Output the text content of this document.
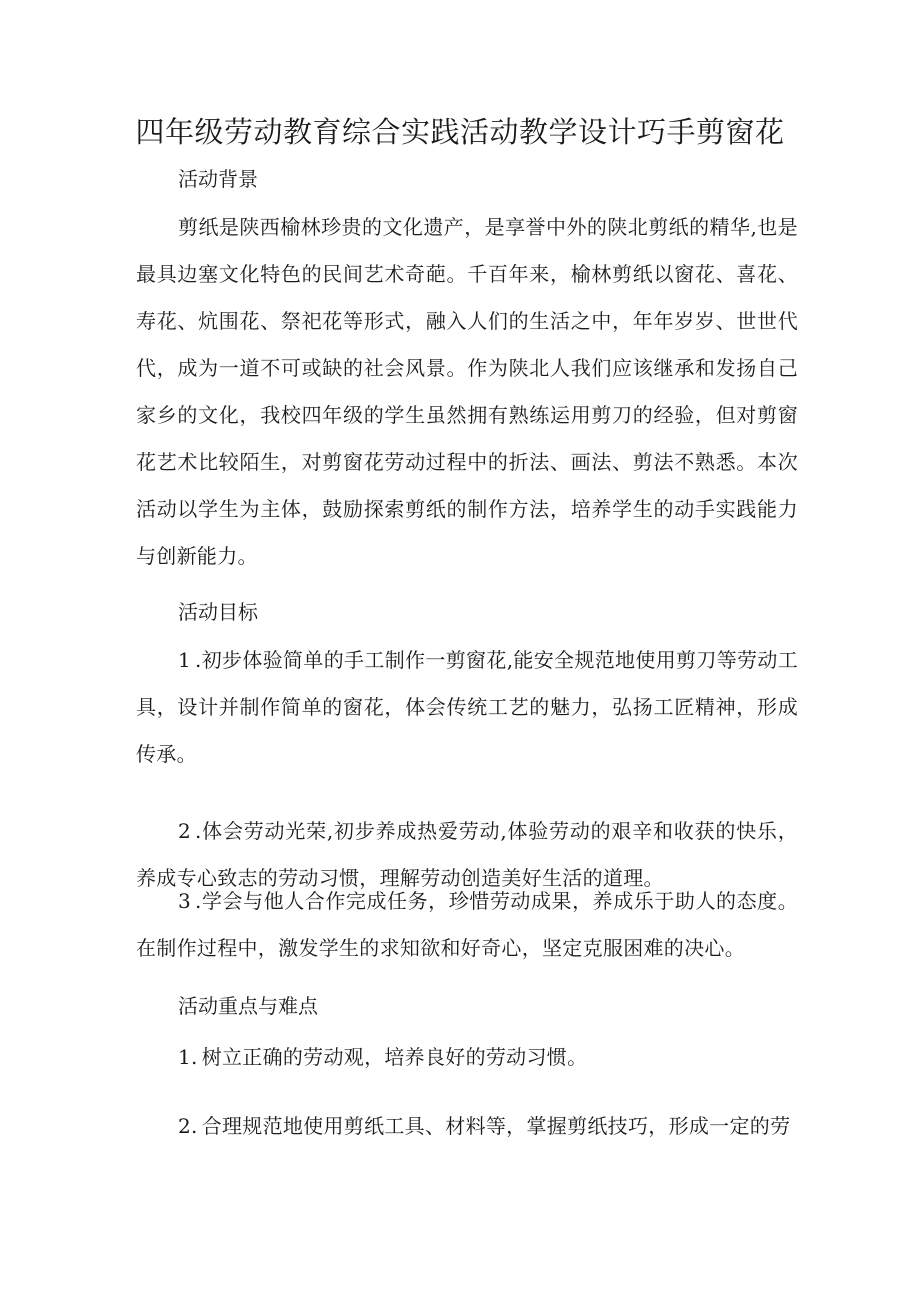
四年级劳动教育综合实践活动教学设计巧手剪窗花
活动背景

剪纸是陕西榆林珍贵的文化遗产，是享誉中外的陕北剪纸的精华,也是最具边塞文化特色的民间艺术奇葩。千百年来，榆林剪纸以窗花、喜花、寿花、炕围花、祭祀花等形式，融入人们的生活之中，年年岁岁、世世代代，成为一道不可或缺的社会风景。作为陕北人我们应该继承和发扬自己家乡的文化，我校四年级的学生虽然拥有熟练运用剪刀的经验，但对剪窗花艺术比较陌生，对剪窗花劳动过程中的折法、画法、剪法不熟悉。本次活动以学生为主体，鼓励探索剪纸的制作方法，培养学生的动手实践能力与创新能力。

活动目标

1 .初步体验简单的手工制作一剪窗花,能安全规范地使用剪刀等劳动工具，设计并制作简单的窗花，体会传统工艺的魅力，弘扬工匠精神，形成传承。

2 .体会劳动光荣,初步养成热爱劳动,体验劳动的艰辛和收获的快乐，养成专心致志的劳动习惯，理解劳动创造美好生活的道理。

3 .学会与他人合作完成任务，珍惜劳动成果，养成乐于助人的态度。在制作过程中，激发学生的求知欲和好奇心，坚定克服困难的决心。

活动重点与难点

1. 树立正确的劳动观，培养良好的劳动习惯。

2. 合理规范地使用剪纸工具、材料等，掌握剪纸技巧，形成一定的劳
